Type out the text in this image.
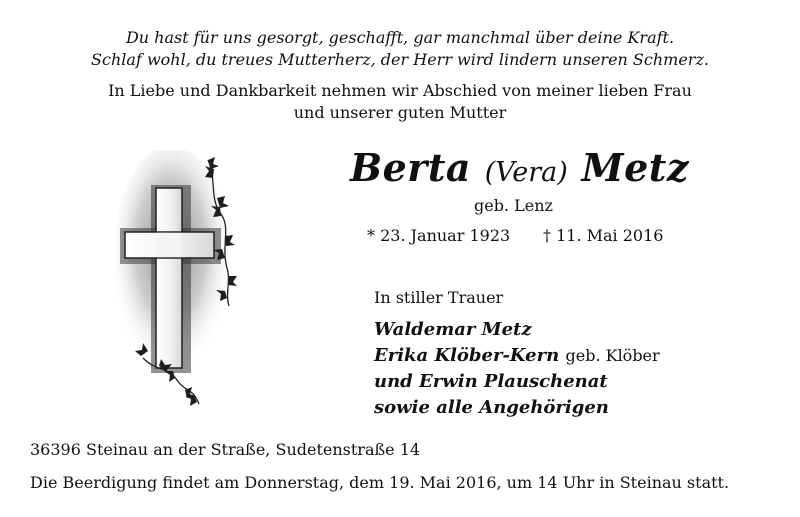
Du hast für uns gesorgt, geschafft, gar manchmal über deine Kraft.

Schlaf wohl, du treues Mutterherz, der Herr wird lindern unseren Schmerz.

In Liebe und Dankbarkeit nehmen wir Abschied von meiner lieben Frau

und unserer guten Mutter

Berta (Vera) Metz

geb. Lenz

* 23. Januar 1923 † 11. Mai 2016

In stiller Trauer

Waldemar Metz

Erika Klöber-Kern geb. Klöber

und Erwin Plauschenat

sowie alle Angehörigen

36396 Steinau an der Straße, Sudetenstraße 14

Die Beerdigung findet am Donnerstag, dem 19. Mai 2016, um 14 Uhr in Steinau statt.
